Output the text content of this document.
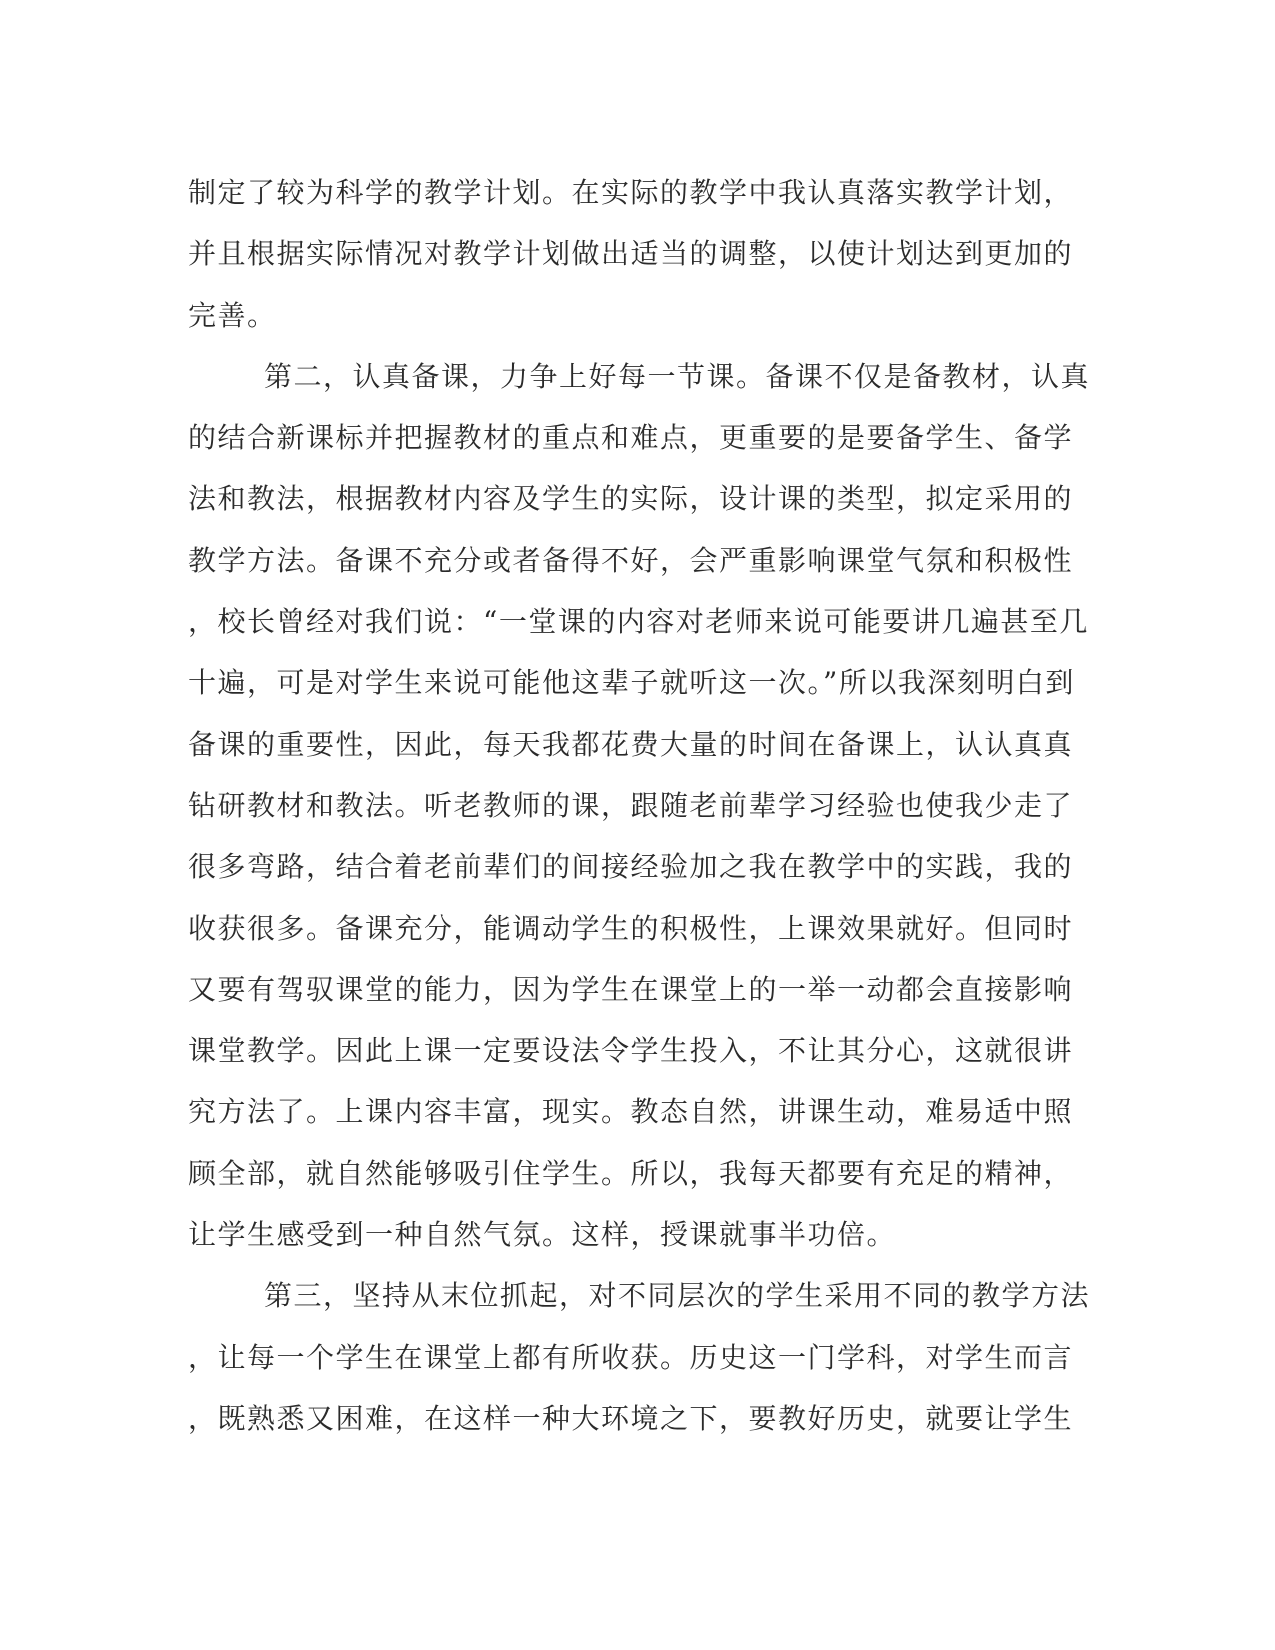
制定了较为科学的教学计划。在实际的教学中我认真落实教学计划，
并且根据实际情况对教学计划做出适当的调整，以使计划达到更加的
完善。
第二，认真备课，力争上好每一节课。备课不仅是备教材，认真
的结合新课标并把握教材的重点和难点，更重要的是要备学生、备学
法和教法，根据教材内容及学生的实际，设计课的类型，拟定采用的
教学方法。备课不充分或者备得不好，会严重影响课堂气氛和积极性
，校长曾经对我们说：“一堂课的内容对老师来说可能要讲几遍甚至几
十遍，可是对学生来说可能他这辈子就听这一次。”所以我深刻明白到
备课的重要性，因此，每天我都花费大量的时间在备课上，认认真真
钻研教材和教法。听老教师的课，跟随老前辈学习经验也使我少走了
很多弯路，结合着老前辈们的间接经验加之我在教学中的实践，我的
收获很多。备课充分，能调动学生的积极性，上课效果就好。但同时
又要有驾驭课堂的能力，因为学生在课堂上的一举一动都会直接影响
课堂教学。因此上课一定要设法令学生投入，不让其分心，这就很讲
究方法了。上课内容丰富，现实。教态自然，讲课生动，难易适中照
顾全部，就自然能够吸引住学生。所以，我每天都要有充足的精神，
让学生感受到一种自然气氛。这样，授课就事半功倍。
第三，坚持从末位抓起，对不同层次的学生采用不同的教学方法
，让每一个学生在课堂上都有所收获。历史这一门学科，对学生而言
，既熟悉又困难，在这样一种大环境之下，要教好历史，就要让学生
